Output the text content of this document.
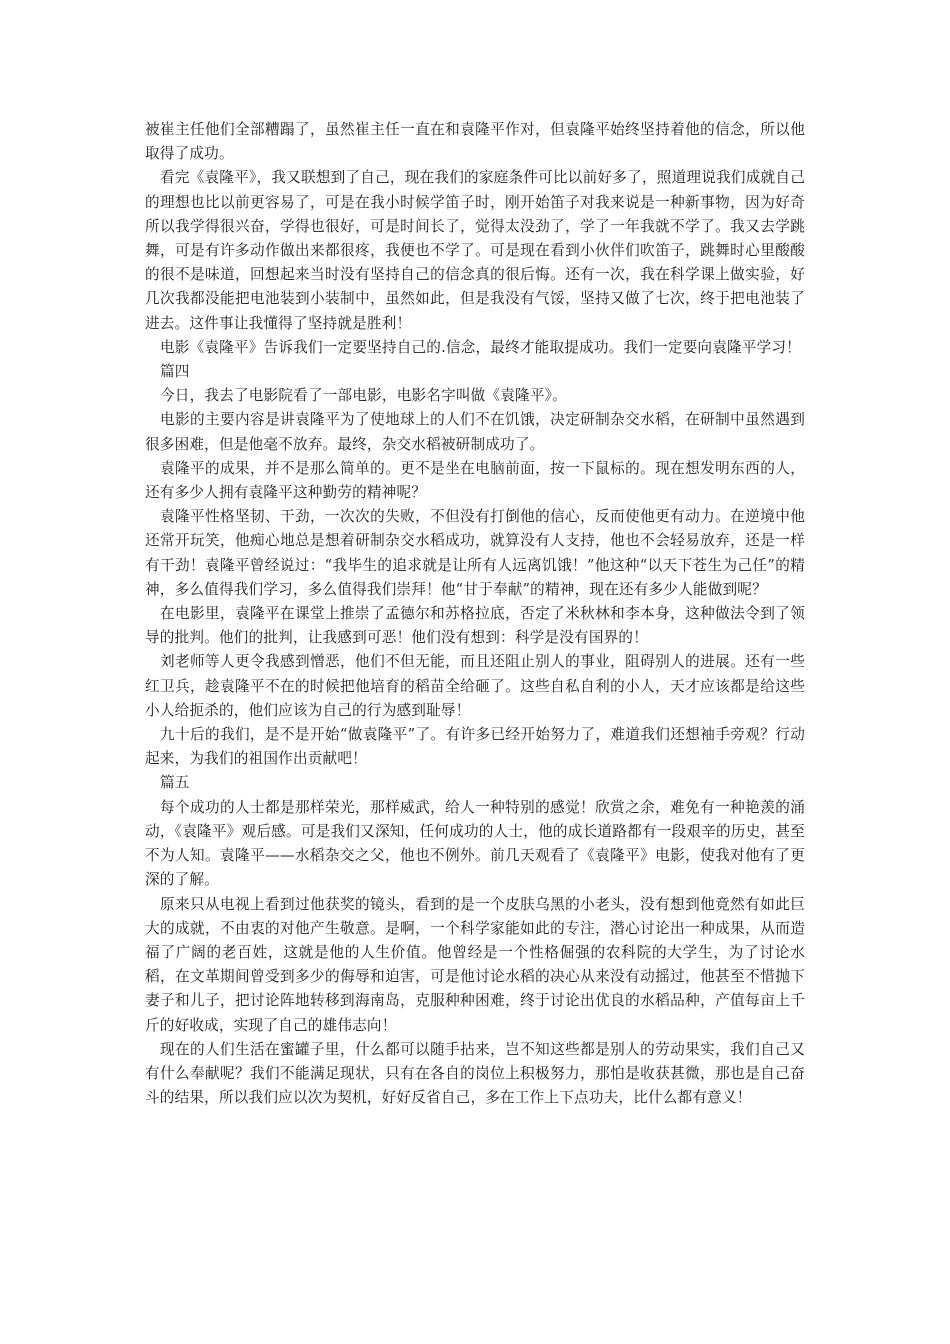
被崔主任他们全部糟蹋了，虽然崔主任一直在和袁隆平作对，但袁隆平始终坚持着他的信念，所以他取得了成功。

看完《袁隆平》，我又联想到了自己，现在我们的家庭条件可比以前好多了，照道理说我们成就自己的理想也比以前更容易了，可是在我小时候学笛子时，刚开始笛子对我来说是一种新事物，因为好奇所以我学得很兴奋，学得也很好，可是时间长了，觉得太没劲了，学了一年我就不学了。我又去学跳舞，可是有许多动作做出来都很疼，我便也不学了。可是现在看到小伙伴们吹笛子，跳舞时心里酸酸的很不是味道，回想起来当时没有坚持自己的信念真的很后悔。还有一次，我在科学课上做实验，好几次我都没能把电池装到小装制中，虽然如此，但是我没有气馁，坚持又做了七次，终于把电池装了进去。这件事让我懂得了坚持就是胜利！

电影《袁隆平》告诉我们一定要坚持自己的.信念，最终才能取提成功。我们一定要向袁隆平学习！

篇四

今日，我去了电影院看了一部电影，电影名字叫做《袁隆平》。

电影的主要内容是讲袁隆平为了使地球上的人们不在饥饿，决定研制杂交水稻，在研制中虽然遇到很多困难，但是他毫不放弃。最终，杂交水稻被研制成功了。

袁隆平的成果，并不是那么简单的。更不是坐在电脑前面，按一下鼠标的。现在想发明东西的人，还有多少人拥有袁隆平这种勤劳的精神呢？

袁隆平性格坚韧、干劲，一次次的失败，不但没有打倒他的信心，反而使他更有动力。在逆境中他还常开玩笑，他痴心地总是想着研制杂交水稻成功，就算没有人支持，他也不会轻易放弃，还是一样有干劲！袁隆平曾经说过：“我毕生的追求就是让所有人远离饥饿！”他这种“以天下苍生为己任”的精神，多么值得我们学习，多么值得我们崇拜！他“甘于奉献”的精神，现在还有多少人能做到呢？

在电影里，袁隆平在课堂上推崇了孟德尔和苏格拉底，否定了米秋林和李本身，这种做法令到了领导的批判。他们的批判，让我感到可恶！他们没有想到：科学是没有国界的！

刘老师等人更令我感到憎恶，他们不但无能，而且还阻止别人的事业，阻碍别人的进展。还有一些红卫兵，趁袁隆平不在的时候把他培育的稻苗全给砸了。这些自私自利的小人，天才应该都是给这些小人给扼杀的，他们应该为自己的行为感到耻辱！

九十后的我们，是不是开始“做袁隆平”了。有许多已经开始努力了，难道我们还想袖手旁观？行动起来，为我们的祖国作出贡献吧！

篇五

每个成功的人士都是那样荣光，那样威武，给人一种特别的感觉！欣赏之余，难免有一种艳羡的涌动，《袁隆平》观后感。可是我们又深知，任何成功的人士，他的成长道路都有一段艰辛的历史，甚至不为人知。袁隆平——水稻杂交之父，他也不例外。前几天观看了《袁隆平》电影，使我对他有了更深的了解。

原来只从电视上看到过他获奖的镜头，看到的是一个皮肤乌黑的小老头，没有想到他竟然有如此巨大的成就，不由衷的对他产生敬意。是啊，一个科学家能如此的专注，潜心讨论出一种成果，从而造福了广阔的老百姓，这就是他的人生价值。他曾经是一个性格倔强的农科院的大学生，为了讨论水稻，在文革期间曾受到多少的侮辱和迫害，可是他讨论水稻的决心从来没有动摇过，他甚至不惜抛下妻子和儿子，把讨论阵地转移到海南岛，克服种种困难，终于讨论出优良的水稻品种，产值每亩上千斤的好收成，实现了自己的雄伟志向！

现在的人们生活在蜜罐子里，什么都可以随手拈来，岂不知这些都是别人的劳动果实，我们自己又有什么奉献呢？我们不能满足现状，只有在各自的岗位上积极努力，那怕是收获甚微，那也是自己奋斗的结果，所以我们应以次为契机，好好反省自己，多在工作上下点功夫，比什么都有意义！
